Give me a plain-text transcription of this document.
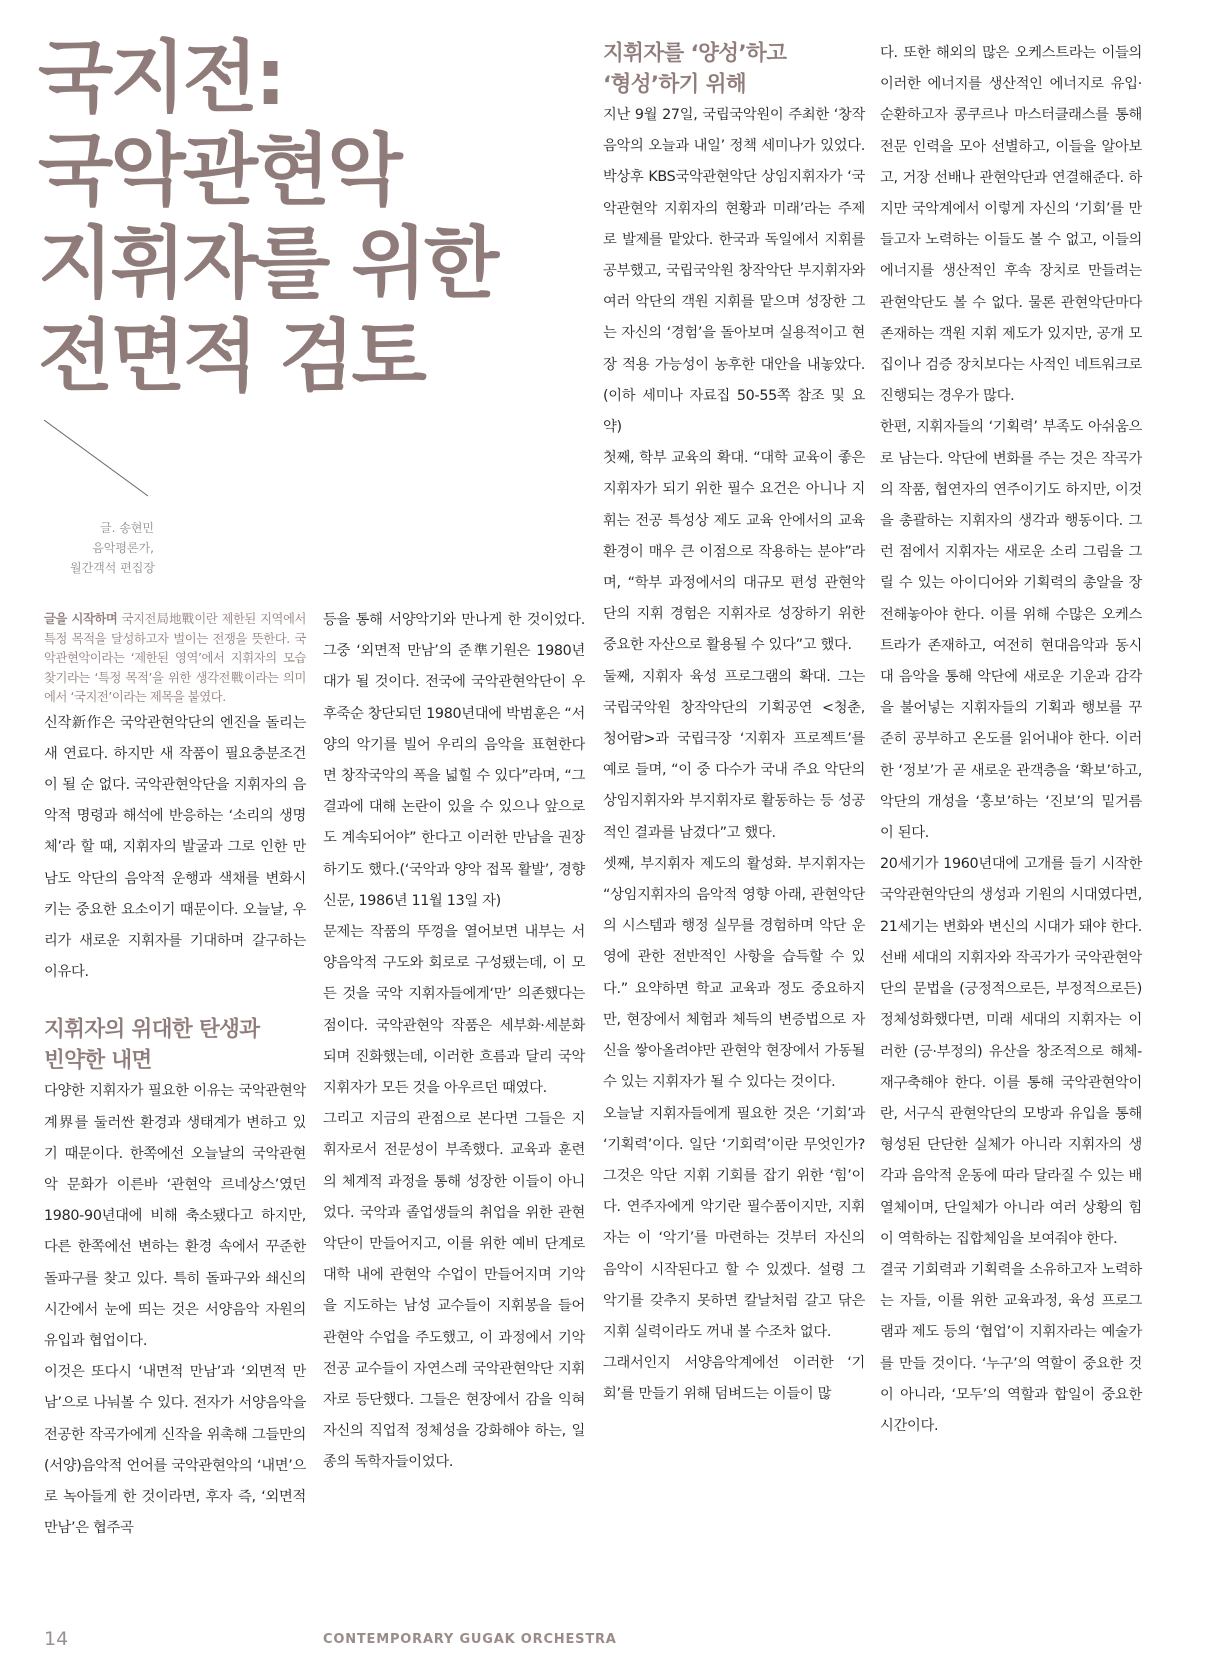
국지전:
국악관현악
지휘자를 위한
전면적 검토
글. 송현민
음악평론가,
월간객석 편집장

글을 시작하며 국지전局地戰이란 제한된 지역에서 특정 목적을 달성하고자 벌이는 전쟁을 뜻한다. 국악관현악이라는 ‘제한된 영역’에서 지휘자의 모습 찾기라는 ‘특정 목적’을 위한 생각전戰이라는 의미에서 ‘국지전’이라는 제목을 붙였다.

신작新作은 국악관현악단의 엔진을 돌리는 새 연료다. 하지만 새 작품이 필요충분조건이 될 순 없다. 국악관현악단을 지휘자의 음악적 명령과 해석에 반응하는 ‘소리의 생명체’라 할 때, 지휘자의 발굴과 그로 인한 만남도 악단의 음악적 운행과 색채를 변화시키는 중요한 요소이기 때문이다. 오늘날, 우리가 새로운 지휘자를 기대하며 갈구하는 이유다.

지휘자의 위대한 탄생과
빈약한 내면

다양한 지휘자가 필요한 이유는 국악관현악계界를 둘러싼 환경과 생태계가 변하고 있기 때문이다. 한쪽에선 오늘날의 국악관현악 문화가 이른바 ‘관현악 르네상스’였던 1980-90년대에 비해 축소됐다고 하지만, 다른 한쪽에선 변하는 환경 속에서 꾸준한 돌파구를 찾고 있다. 특히 돌파구와 쇄신의 시간에서 눈에 띄는 것은 서양음악 자원의 유입과 협업이다.

이것은 또다시 ‘내면적 만남’과 ‘외면적 만남’으로 나눠볼 수 있다. 전자가 서양음악을 전공한 작곡가에게 신작을 위촉해 그들만의 (서양)음악적 언어를 국악관현악의 ‘내면’으로 녹아들게 한 것이라면, 후자 즉, ‘외면적 만남’은 협주곡

등을 통해 서양악기와 만나게 한 것이었다. 그중 ‘외면적 만남’의 준準기원은 1980년대가 될 것이다. 전국에 국악관현악단이 우후죽순 창단되던 1980년대에 박범훈은 “서양의 악기를 빌어 우리의 음악을 표현한다면 창작국악의 폭을 넓힐 수 있다”라며, “그 결과에 대해 논란이 있을 수 있으나 앞으로도 계속되어야” 한다고 이러한 만남을 권장하기도 했다.(‘국악과 양악 접목 활발’, 경향신문, 1986년 11월 13일 자)

문제는 작품의 뚜껑을 열어보면 내부는 서양음악적 구도와 회로로 구성됐는데, 이 모든 것을 국악 지휘자들에게‘만’ 의존했다는 점이다. 국악관현악 작품은 세부화·세분화되며 진화했는데, 이러한 흐름과 달리 국악 지휘자가 모든 것을 아우르던 때였다.

그리고 지금의 관점으로 본다면 그들은 지휘자로서 전문성이 부족했다. 교육과 훈련의 체계적 과정을 통해 성장한 이들이 아니었다. 국악과 졸업생들의 취업을 위한 관현악단이 만들어지고, 이를 위한 예비 단계로 대학 내에 관현악 수업이 만들어지며 기악을 지도하는 남성 교수들이 지휘봉을 들어 관현악 수업을 주도했고, 이 과정에서 기악 전공 교수들이 자연스레 국악관현악단 지휘자로 등단했다. 그들은 현장에서 감을 익혀 자신의 직업적 정체성을 강화해야 하는, 일종의 독학자들이었다.

지휘자를 ‘양성’하고
‘형성’하기 위해

지난 9월 27일, 국립국악원이 주최한 ‘창작음악의 오늘과 내일’ 정책 세미나가 있었다. 박상후 KBS국악관현악단 상임지휘자가 ‘국악관현악 지휘자의 현황과 미래’라는 주제로 발제를 맡았다. 한국과 독일에서 지휘를 공부했고, 국립국악원 창작악단 부지휘자와 여러 악단의 객원 지휘를 맡으며 성장한 그는 자신의 ‘경험’을 돌아보며 실용적이고 현장 적용 가능성이 농후한 대안을 내놓았다.(이하 세미나 자료집 50-55쪽 참조 및 요약)

첫째, 학부 교육의 확대. “대학 교육이 좋은 지휘자가 되기 위한 필수 요건은 아니나 지휘는 전공 특성상 제도 교육 안에서의 교육환경이 매우 큰 이점으로 작용하는 분야”라며, “학부 과정에서의 대규모 편성 관현악단의 지휘 경험은 지휘자로 성장하기 위한 중요한 자산으로 활용될 수 있다”고 했다.

둘째, 지휘자 육성 프로그램의 확대. 그는 국립국악원 창작악단의 기획공연 <청춘, 청어람>과 국립극장 ‘지휘자 프로젝트’를 예로 들며, “이 중 다수가 국내 주요 악단의 상임지휘자와 부지휘자로 활동하는 등 성공적인 결과를 남겼다”고 했다.

셋째, 부지휘자 제도의 활성화. 부지휘자는 “상임지휘자의 음악적 영향 아래, 관현악단의 시스템과 행정 실무를 경험하며 악단 운영에 관한 전반적인 사항을 습득할 수 있다.” 요약하면 학교 교육과 정도 중요하지만, 현장에서 체험과 체득의 변증법으로 자신을 쌓아올려야만 관현악 현장에서 가동될 수 있는 지휘자가 될 수 있다는 것이다.

오늘날 지휘자들에게 필요한 것은 ‘기회’과 ‘기획력’이다. 일단 ‘기회력’이란 무엇인가? 그것은 악단 지휘 기회를 잡기 위한 ‘힘’이다. 연주자에게 악기란 필수품이지만, 지휘자는 이 ‘악기’를 마련하는 것부터 자신의 음악이 시작된다고 할 수 있겠다. 설령 그 악기를 갖추지 못하면 칼날처럼 갈고 닦은 지휘 실력이라도 꺼내 볼 수조차 없다.

그래서인지 서양음악계에선 이러한 ‘기회’를 만들기 위해 덤벼드는 이들이 많

다. 또한 해외의 많은 오케스트라는 이들의 이러한 에너지를 생산적인 에너지로 유입·순환하고자 콩쿠르나 마스터클래스를 통해 전문 인력을 모아 선별하고, 이들을 알아보고, 거장 선배나 관현악단과 연결해준다. 하지만 국악계에서 이렇게 자신의 ‘기회’를 만들고자 노력하는 이들도 볼 수 없고, 이들의 에너지를 생산적인 후속 장치로 만들려는 관현악단도 볼 수 없다. 물론 관현악단마다 존재하는 객원 지휘 제도가 있지만, 공개 모집이나 검증 장치보다는 사적인 네트워크로 진행되는 경우가 많다.

한편, 지휘자들의 ‘기획력’ 부족도 아쉬움으로 남는다. 악단에 변화를 주는 것은 작곡가의 작품, 협연자의 연주이기도 하지만, 이것을 총괄하는 지휘자의 생각과 행동이다. 그런 점에서 지휘자는 새로운 소리 그림을 그릴 수 있는 아이디어와 기획력의 총알을 장전해놓아야 한다. 이를 위해 수많은 오케스트라가 존재하고, 여전히 현대음악과 동시대 음악을 통해 악단에 새로운 기운과 감각을 불어넣는 지휘자들의 기획과 행보를 꾸준히 공부하고 온도를 읽어내야 한다. 이러한 ‘정보’가 곧 새로운 관객층을 ‘확보’하고, 악단의 개성을 ‘홍보’하는 ‘진보’의 밑거름이 된다.

20세기가 1960년대에 고개를 들기 시작한 국악관현악단의 생성과 기원의 시대였다면, 21세기는 변화와 변신의 시대가 돼야 한다. 선배 세대의 지휘자와 작곡가가 국악관현악단의 문법을 (긍정적으로든, 부정적으로든) 정체성화했다면, 미래 세대의 지휘자는 이러한 (긍·부정의) 유산을 창조적으로 해체-재구축해야 한다. 이를 통해 국악관현악이란, 서구식 관현악단의 모방과 유입을 통해 형성된 단단한 실체가 아니라 지휘자의 생각과 음악적 운동에 따라 달라질 수 있는 배열체이며, 단일체가 아니라 여러 상황의 힘이 역학하는 집합체임을 보여줘야 한다.

결국 기회력과 기획력을 소유하고자 노력하는 자들, 이를 위한 교육과정, 육성 프로그램과 제도 등의 ‘협업’이 지휘자라는 예술가를 만들 것이다. ‘누구’의 역할이 중요한 것이 아니라, ‘모두’의 역할과 합일이 중요한 시간이다.

14	CONTEMPORARY GUGAK ORCHESTRA
